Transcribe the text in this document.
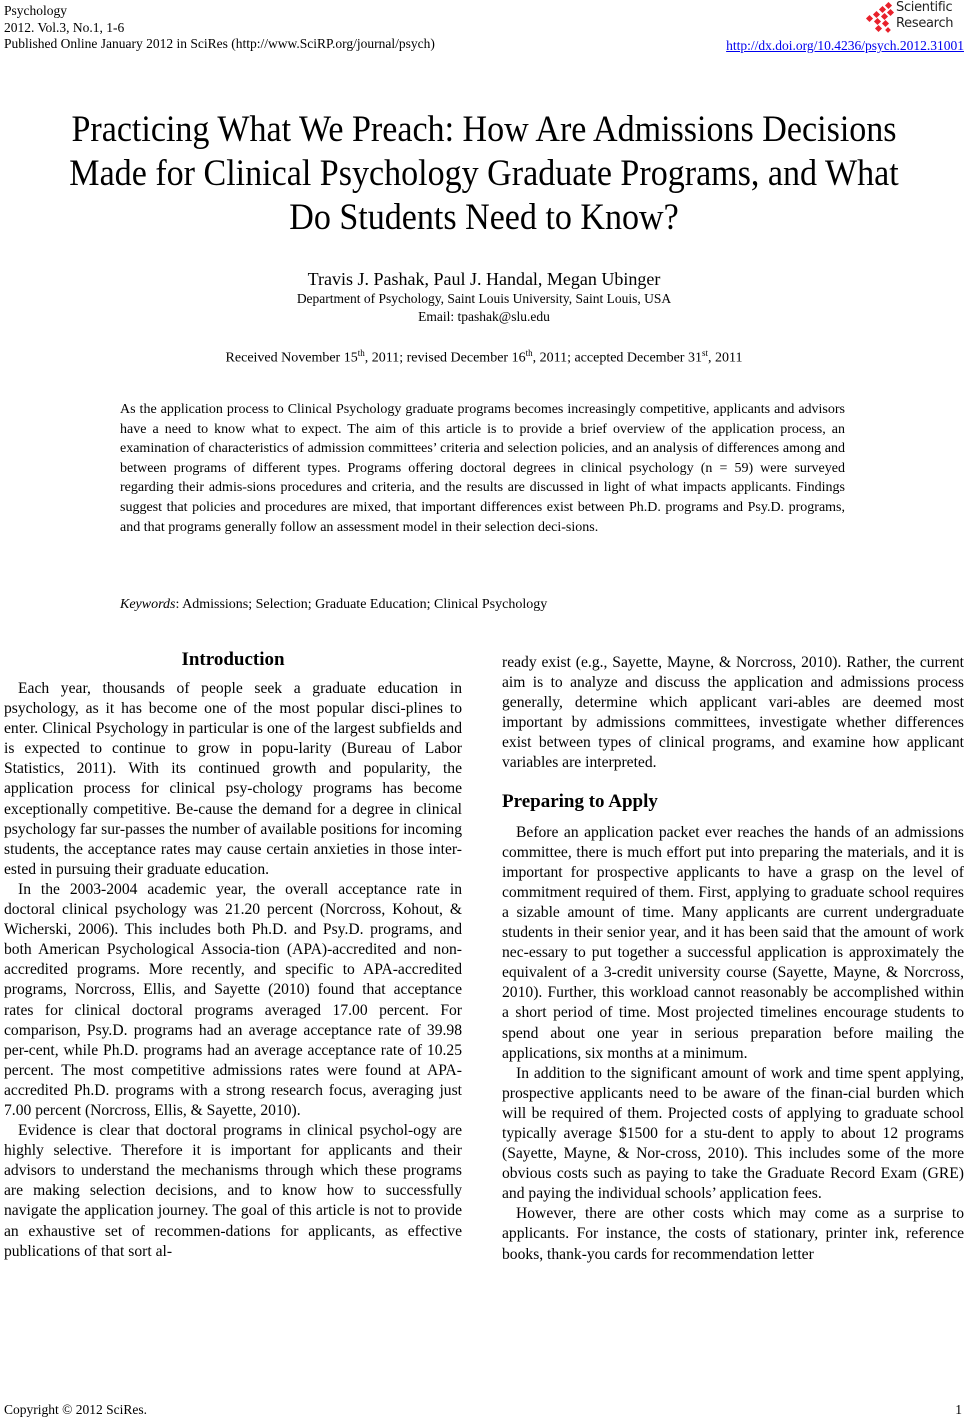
Psychology
2012. Vol.3, No.1, 1-6
Published Online January 2012 in SciRes (http://www.SciRP.org/journal/psych)
Scientific
Research
http://dx.doi.org/10.4236/psych.2012.31001
Practicing What We Preach: How Are Admissions Decisions
Made for Clinical Psychology Graduate Programs, and What
Do Students Need to Know?
Travis J. Pashak, Paul J. Handal, Megan Ubinger
Department of Psychology, Saint Louis University, Saint Louis, USA
Email: tpashak@slu.edu
Received November 15th, 2011; revised December 16th, 2011; accepted December 31st, 2011
As the application process to Clinical Psychology graduate programs becomes increasingly competitive, applicants and advisors have a need to know what to expect. The aim of this article is to provide a brief overview of the application process, an examination of characteristics of admission committees’ criteria and selection policies, and an analysis of differences among and between programs of different types. Programs offering doctoral degrees in clinical psychology (n = 59) were surveyed regarding their admis-sions procedures and criteria, and the results are discussed in light of what impacts applicants. Findings suggest that policies and procedures are mixed, that important differences exist between Ph.D. programs and Psy.D. programs, and that programs generally follow an assessment model in their selection deci-sions.
Keywords: Admissions; Selection; Graduate Education; Clinical Psychology
Introduction

Each year, thousands of people seek a graduate education in psychology, as it has become one of the most popular disci-plines to enter. Clinical Psychology in particular is one of the largest subfields and is expected to continue to grow in popu-larity (Bureau of Labor Statistics, 2011). With its continued growth and popularity, the application process for clinical psy-chology programs has become exceptionally competitive. Be-cause the demand for a degree in clinical psychology far sur-passes the number of available positions for incoming students, the acceptance rates may cause certain anxieties in those inter-ested in pursuing their graduate education.

In the 2003-2004 academic year, the overall acceptance rate in doctoral clinical psychology was 21.20 percent (Norcross, Kohout, & Wicherski, 2006). This includes both Ph.D. and Psy.D. programs, and both American Psychological Associa-tion (APA)-accredited and non-accredited programs. More recently, and specific to APA-accredited programs, Norcross, Ellis, and Sayette (2010) found that acceptance rates for clinical doctoral programs averaged 17.00 percent. For comparison, Psy.D. programs had an average acceptance rate of 39.98 per-cent, while Ph.D. programs had an average acceptance rate of 10.25 percent. The most competitive admissions rates were found at APA-accredited Ph.D. programs with a strong research focus, averaging just 7.00 percent (Norcross, Ellis, & Sayette, 2010).

Evidence is clear that doctoral programs in clinical psychol-ogy are highly selective. Therefore it is important for applicants and their advisors to understand the mechanisms through which these programs are making selection decisions, and to know how to successfully navigate the application journey. The goal of this article is not to provide an exhaustive set of recommen-dations for applicants, as effective publications of that sort al-

ready exist (e.g., Sayette, Mayne, & Norcross, 2010). Rather, the current aim is to analyze and discuss the application and admissions process generally, determine which applicant vari-ables are deemed most important by admissions committees, investigate whether differences exist between types of clinical programs, and examine how applicant variables are interpreted.

Preparing to Apply

Before an application packet ever reaches the hands of an admissions committee, there is much effort put into preparing the materials, and it is important for prospective applicants to have a grasp on the level of commitment required of them. First, applying to graduate school requires a sizable amount of time. Many applicants are current undergraduate students in their senior year, and it has been said that the amount of work nec-essary to put together a successful application is approximately the equivalent of a 3-credit university course (Sayette, Mayne, & Norcross, 2010). Further, this workload cannot reasonably be accomplished within a short period of time. Most projected timelines encourage students to spend about one year in serious preparation before mailing the applications, six months at a minimum.

In addition to the significant amount of work and time spent applying, prospective applicants need to be aware of the finan-cial burden which will be required of them. Projected costs of applying to graduate school typically average $1500 for a stu-dent to apply to about 12 programs (Sayette, Mayne, & Nor-cross, 2010). This includes some of the more obvious costs such as paying to take the Graduate Record Exam (GRE) and paying the individual schools’ application fees.

However, there are other costs which may come as a surprise to applicants. For instance, the costs of stationary, printer ink, reference books, thank-you cards for recommendation letter

Copyright © 2012 SciRes.	1
